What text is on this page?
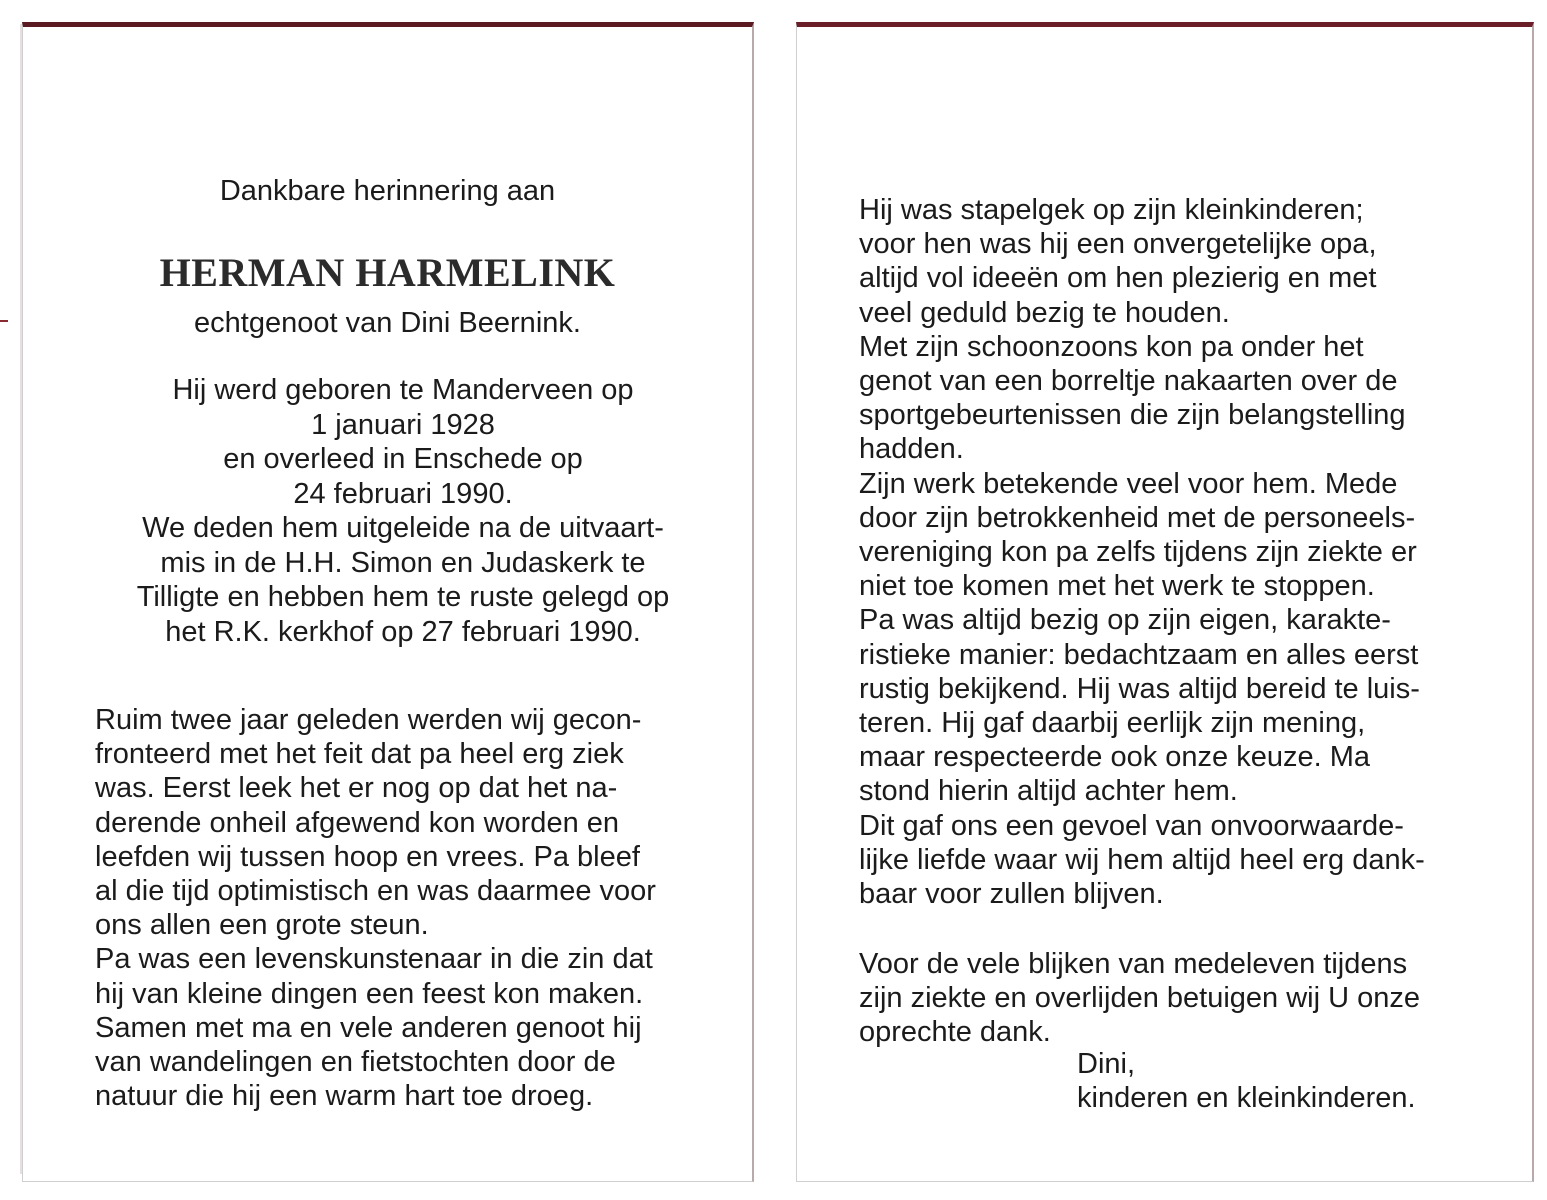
Dankbare herinnering aan
HERMAN HARMELINK
echtgenoot van Dini Beernink.
Hij werd geboren te Manderveen op
1 januari 1928
en overleed in Enschede op
24 februari 1990.
We deden hem uitgeleide na de uitvaart-
mis in de H.H. Simon en Judaskerk te
Tilligte en hebben hem te ruste gelegd op
het R.K. kerkhof op 27 februari 1990.
Ruim twee jaar geleden werden wij gecon-
fronteerd met het feit dat pa heel erg ziek
was. Eerst leek het er nog op dat het na-
derende onheil afgewend kon worden en
leefden wij tussen hoop en vrees. Pa bleef
al die tijd optimistisch en was daarmee voor
ons allen een grote steun.
Pa was een levenskunstenaar in die zin dat
hij van kleine dingen een feest kon maken.
Samen met ma en vele anderen genoot hij
van wandelingen en fietstochten door de
natuur die hij een warm hart toe droeg.
Hij was stapelgek op zijn kleinkinderen;
voor hen was hij een onvergetelijke opa,
altijd vol ideeën om hen plezierig en met
veel geduld bezig te houden.
Met zijn schoonzoons kon pa onder het
genot van een borreltje nakaarten over de
sportgebeurtenissen die zijn belangstelling
hadden.
Zijn werk betekende veel voor hem. Mede
door zijn betrokkenheid met de personeels-
vereniging kon pa zelfs tijdens zijn ziekte er
niet toe komen met het werk te stoppen.
Pa was altijd bezig op zijn eigen, karakte-
ristieke manier: bedachtzaam en alles eerst
rustig bekijkend. Hij was altijd bereid te luis-
teren. Hij gaf daarbij eerlijk zijn mening,
maar respecteerde ook onze keuze. Ma
stond hierin altijd achter hem.
Dit gaf ons een gevoel van onvoorwaarde-
lijke liefde waar wij hem altijd heel erg dank-
baar voor zullen blijven.
Voor de vele blijken van medeleven tijdens
zijn ziekte en overlijden betuigen wij U onze
oprechte dank.
Dini,
kinderen en kleinkinderen.
